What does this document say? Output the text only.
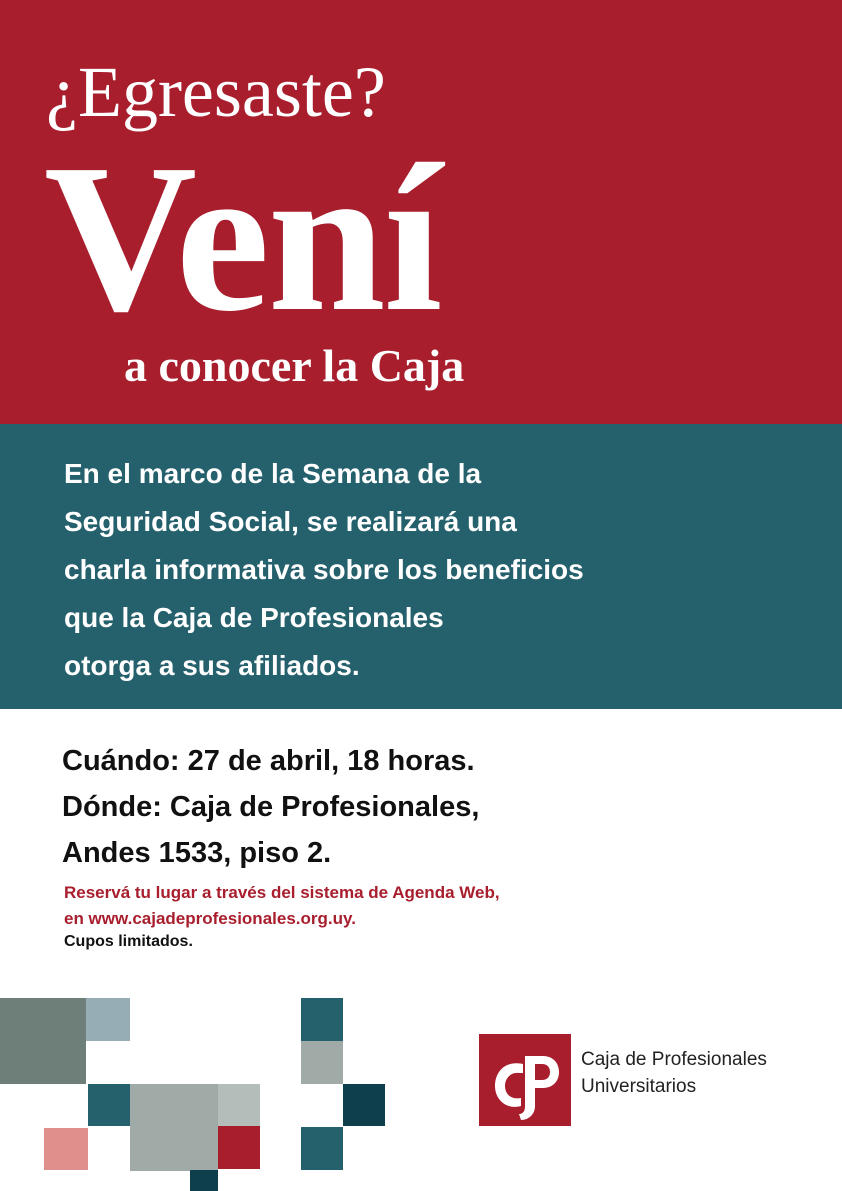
¿Egresaste?
Vení
a conocer la Caja

En el marco de la Semana de la
Seguridad Social, se realizará una
charla informativa sobre los beneficios
que la Caja de Profesionales
otorga a sus afiliados.

Cuándo: 27 de abril, 18 horas.
Dónde: Caja de Profesionales,
Andes 1533, piso 2.

Reservá tu lugar a través del sistema de Agenda Web,
en www.cajadeprofesionales.org.uy.

Cupos limitados.

Caja de Profesionales
Universitarios
